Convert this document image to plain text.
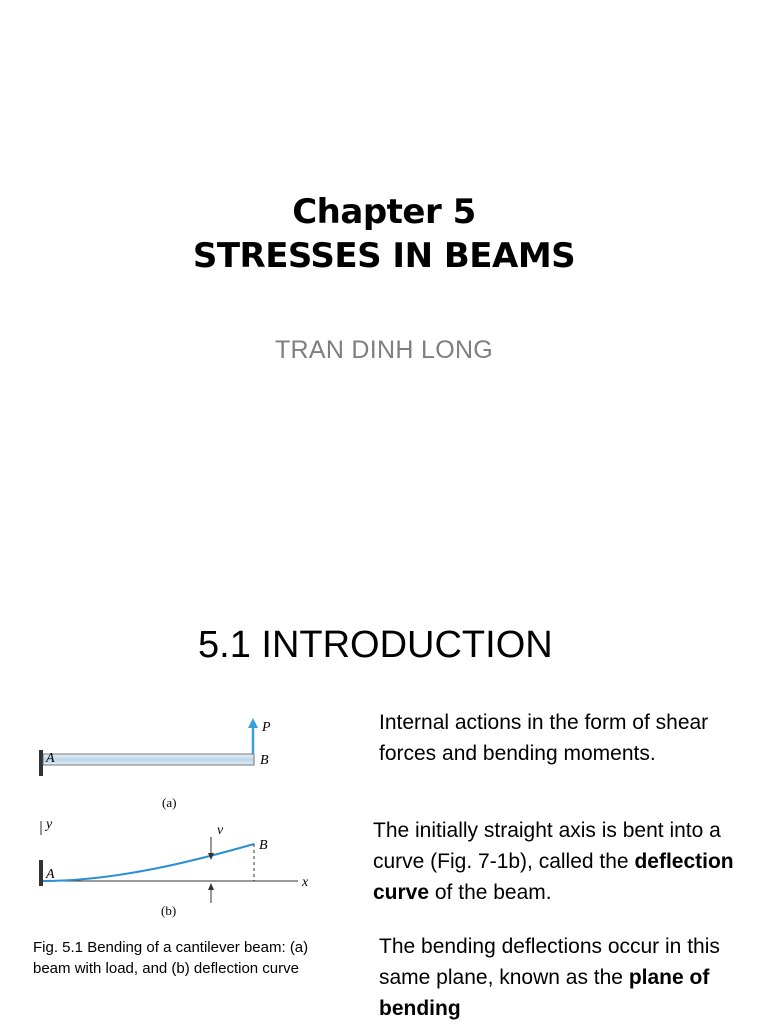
Chapter 5
STRESSES IN BEAMS
TRAN DINH LONG
5.1 INTRODUCTION
A	B
P
(a)
y
x
v
A
B
(b)
Fig. 5.1 Bending of a cantilever beam: (a) beam with load, and (b) deflection curve
Internal actions in the form of shear forces and bending moments.
The initially straight axis is bent into a curve (Fig. 7-1b), called the deflection curve of the beam.
The bending deflections occur in this same plane, known as the plane of bending
